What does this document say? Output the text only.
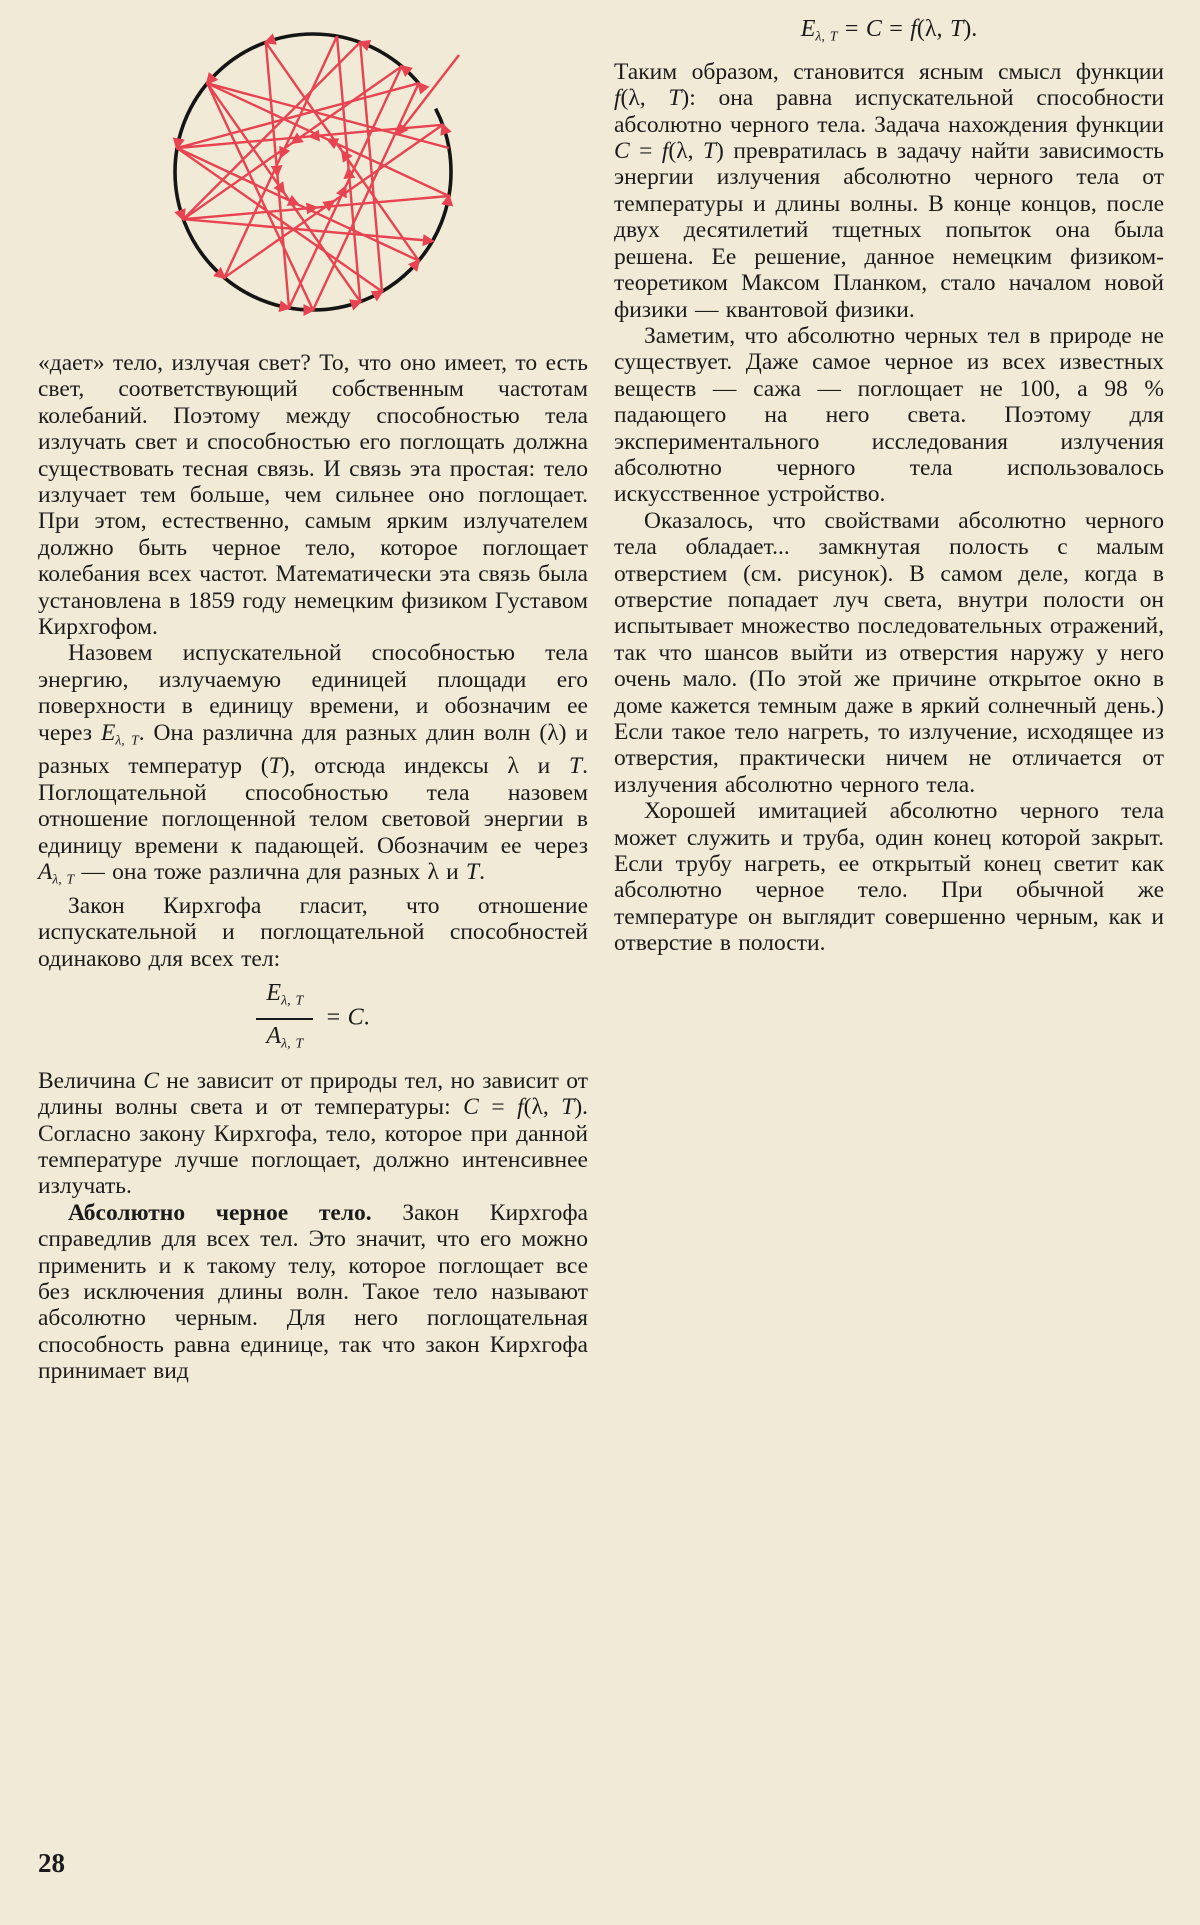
«дает» тело, излучая свет? То, что оно имеет, то есть свет, соответствующий собственным частотам колебаний. Поэтому между способностью тела излучать свет и способностью его поглощать должна существовать тесная связь. И связь эта простая: тело излучает тем больше, чем сильнее оно поглощает. При этом, естественно, самым ярким излучателем должно быть черное тело, которое поглощает колебания всех частот. Математически эта связь была установлена в 1859 году немецким физиком Густавом Кирхгофом.

Назовем испускательной способностью тела энергию, излучаемую единицей площади его поверхности в единицу времени, и обозначим ее через Eλ, T. Она различна для разных длин волн (λ) и разных температур (T), отсюда индексы λ и T. Поглощательной способностью тела назовем отношение поглощенной телом световой энергии в единицу времени к падающей. Обозначим ее через Aλ, T — она тоже различна для разных λ и T.

Закон Кирхгофа гласит, что отношение испускательной и поглощательной способностей одинаково для всех тел:

$\frac{E\lambda, T}{A\lambda, T} = C$.

Величина C не зависит от природы тел, но зависит от длины волны света и от температуры: C = f(λ, T). Согласно закону Кирхгофа, тело, которое при данной температуре лучше поглощает, должно интенсивнее излучать.

Абсолютно черное тело. Закон Кирхгофа справедлив для всех тел. Это значит, что его можно применить и к такому телу, которое поглощает все без исключения длины волн. Такое тело называют абсолютно черным. Для него поглощательная способность равна единице, так что закон Кирхгофа принимает вид

Eλ, T = C = f(λ, T).

Таким образом, становится ясным смысл функции f(λ, T): она равна испускательной способности абсолютно черного тела. Задача нахождения функции C = f(λ, T) превратилась в задачу найти зависимость энергии излучения абсолютно черного тела от температуры и длины волны. В конце концов, после двух десятилетий тщетных попыток она была решена. Ее решение, данное немецким физиком-теоретиком Максом Планком, стало началом новой физики — квантовой физики.

Заметим, что абсолютно черных тел в природе не существует. Даже самое черное из всех известных веществ — сажа — поглощает не 100, а 98 % падающего на него света. Поэтому для экспериментального исследования излучения абсолютно черного тела использовалось искусственное устройство.

Оказалось, что свойствами абсолютно черного тела обладает... замкнутая полость с малым отверстием (см. рисунок). В самом деле, когда в отверстие попадает луч света, внутри полости он испытывает множество последовательных отражений, так что шансов выйти из отверстия наружу у него очень мало. (По этой же причине открытое окно в доме кажется темным даже в яркий солнечный день.) Если такое тело нагреть, то излучение, исходящее из отверстия, практически ничем не отличается от излучения абсолютно черного тела.

Хорошей имитацией абсолютно черного тела может служить и труба, один конец которой закрыт. Если трубу нагреть, ее открытый конец светит как абсолютно черное тело. При обычной же температуре он выглядит совершенно черным, как и отверстие в полости.

28
